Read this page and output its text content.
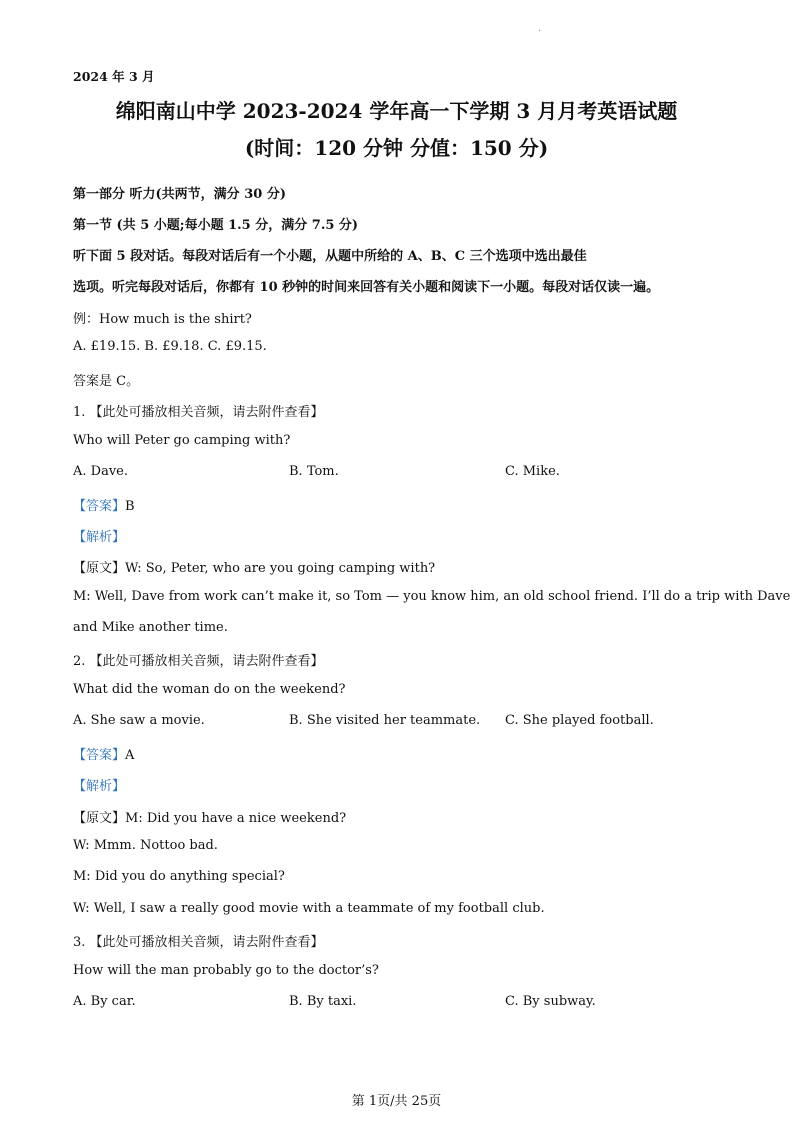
.
2024 年 3 月
绵阳南山中学 2023-2024 学年高一下学期 3 月月考英语试题
(时间：120 分钟 分值：150 分)
第一部分 听力(共两节，满分 30 分)
第一节 (共 5 小题;每小题 1.5 分，满分 7.5 分)
听下面 5 段对话。每段对话后有一个小题，从题中所给的 A、B、C 三个选项中选出最佳
选项。听完每段对话后，你都有 10 秒钟的时间来回答有关小题和阅读下一小题。每段对话仅读一遍。
例：How much is the shirt?
A. £19.15. B. £9.18. C. £9.15.
答案是 C。
1. 【此处可播放相关音频，请去附件查看】
Who will Peter go camping with?
A. Dave.	B. Tom.	C. Mike.
【答案】B
【解析】
【原文】W: So, Peter, who are you going camping with?
M: Well, Dave from work can’t make it, so Tom — you know him, an old school friend. I’ll do a trip with Dave
and Mike another time.
2. 【此处可播放相关音频，请去附件查看】
What did the woman do on the weekend?
A. She saw a movie.	B. She visited her teammate. C. She played football.
【答案】A
【解析】
【原文】M: Did you have a nice weekend?
W: Mmm. Nottoo bad.
M: Did you do anything special?
W: Well, I saw a really good movie with a teammate of my football club.
3. 【此处可播放相关音频，请去附件查看】
How will the man probably go to the doctor’s?
A. By car.	B. By taxi.	C. By subway.
第 1页/共 25页
